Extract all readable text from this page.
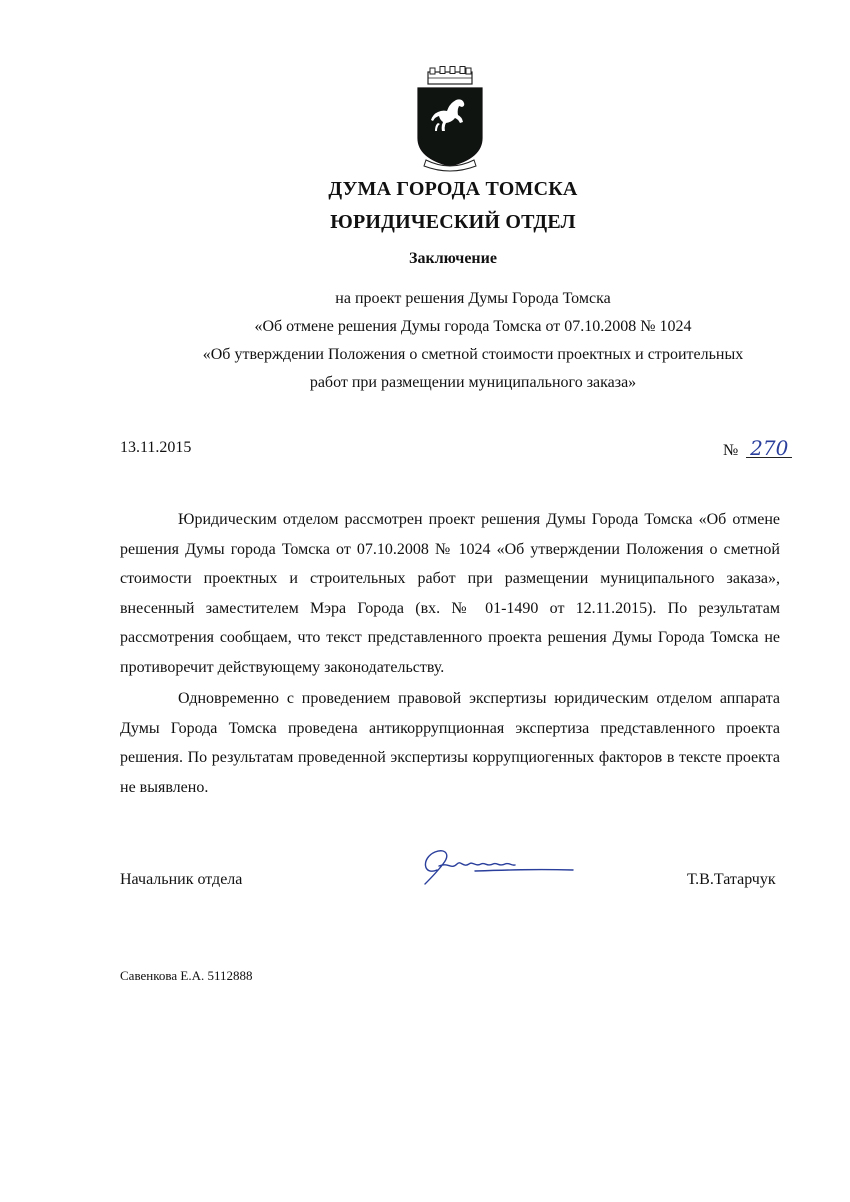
ДУМА ГОРОДА ТОМСКА
ЮРИДИЧЕСКИЙ ОТДЕЛ
Заключение
на проект решения Думы Города Томска
«Об отмене решения Думы города Томска от 07.10.2008 № 1024
«Об утверждении Положения о сметной стоимости проектных и строительных
работ при размещении муниципального заказа»
13.11.2015	№ 270

Юридическим отделом рассмотрен проект решения Думы Города Томска «Об отмене решения Думы города Томска от 07.10.2008 № 1024 «Об утверждении Положения о сметной стоимости проектных и строительных работ при размещении муниципального заказа», внесенный заместителем Мэра Города (вх. № 01-1490 от 12.11.2015). По результатам рассмотрения сообщаем, что текст представленного проекта решения Думы Города Томска не противоречит действующему законодательству.

Одновременно с проведением правовой экспертизы юридическим отделом аппарата Думы Города Томска проведена антикоррупционная экспертиза представленного проекта решения. По результатам проведенной экспертизы коррупциогенных факторов в тексте проекта не выявлено.

Начальник отдела	Т.В.Татарчук
Савенкова Е.А. 5112888
